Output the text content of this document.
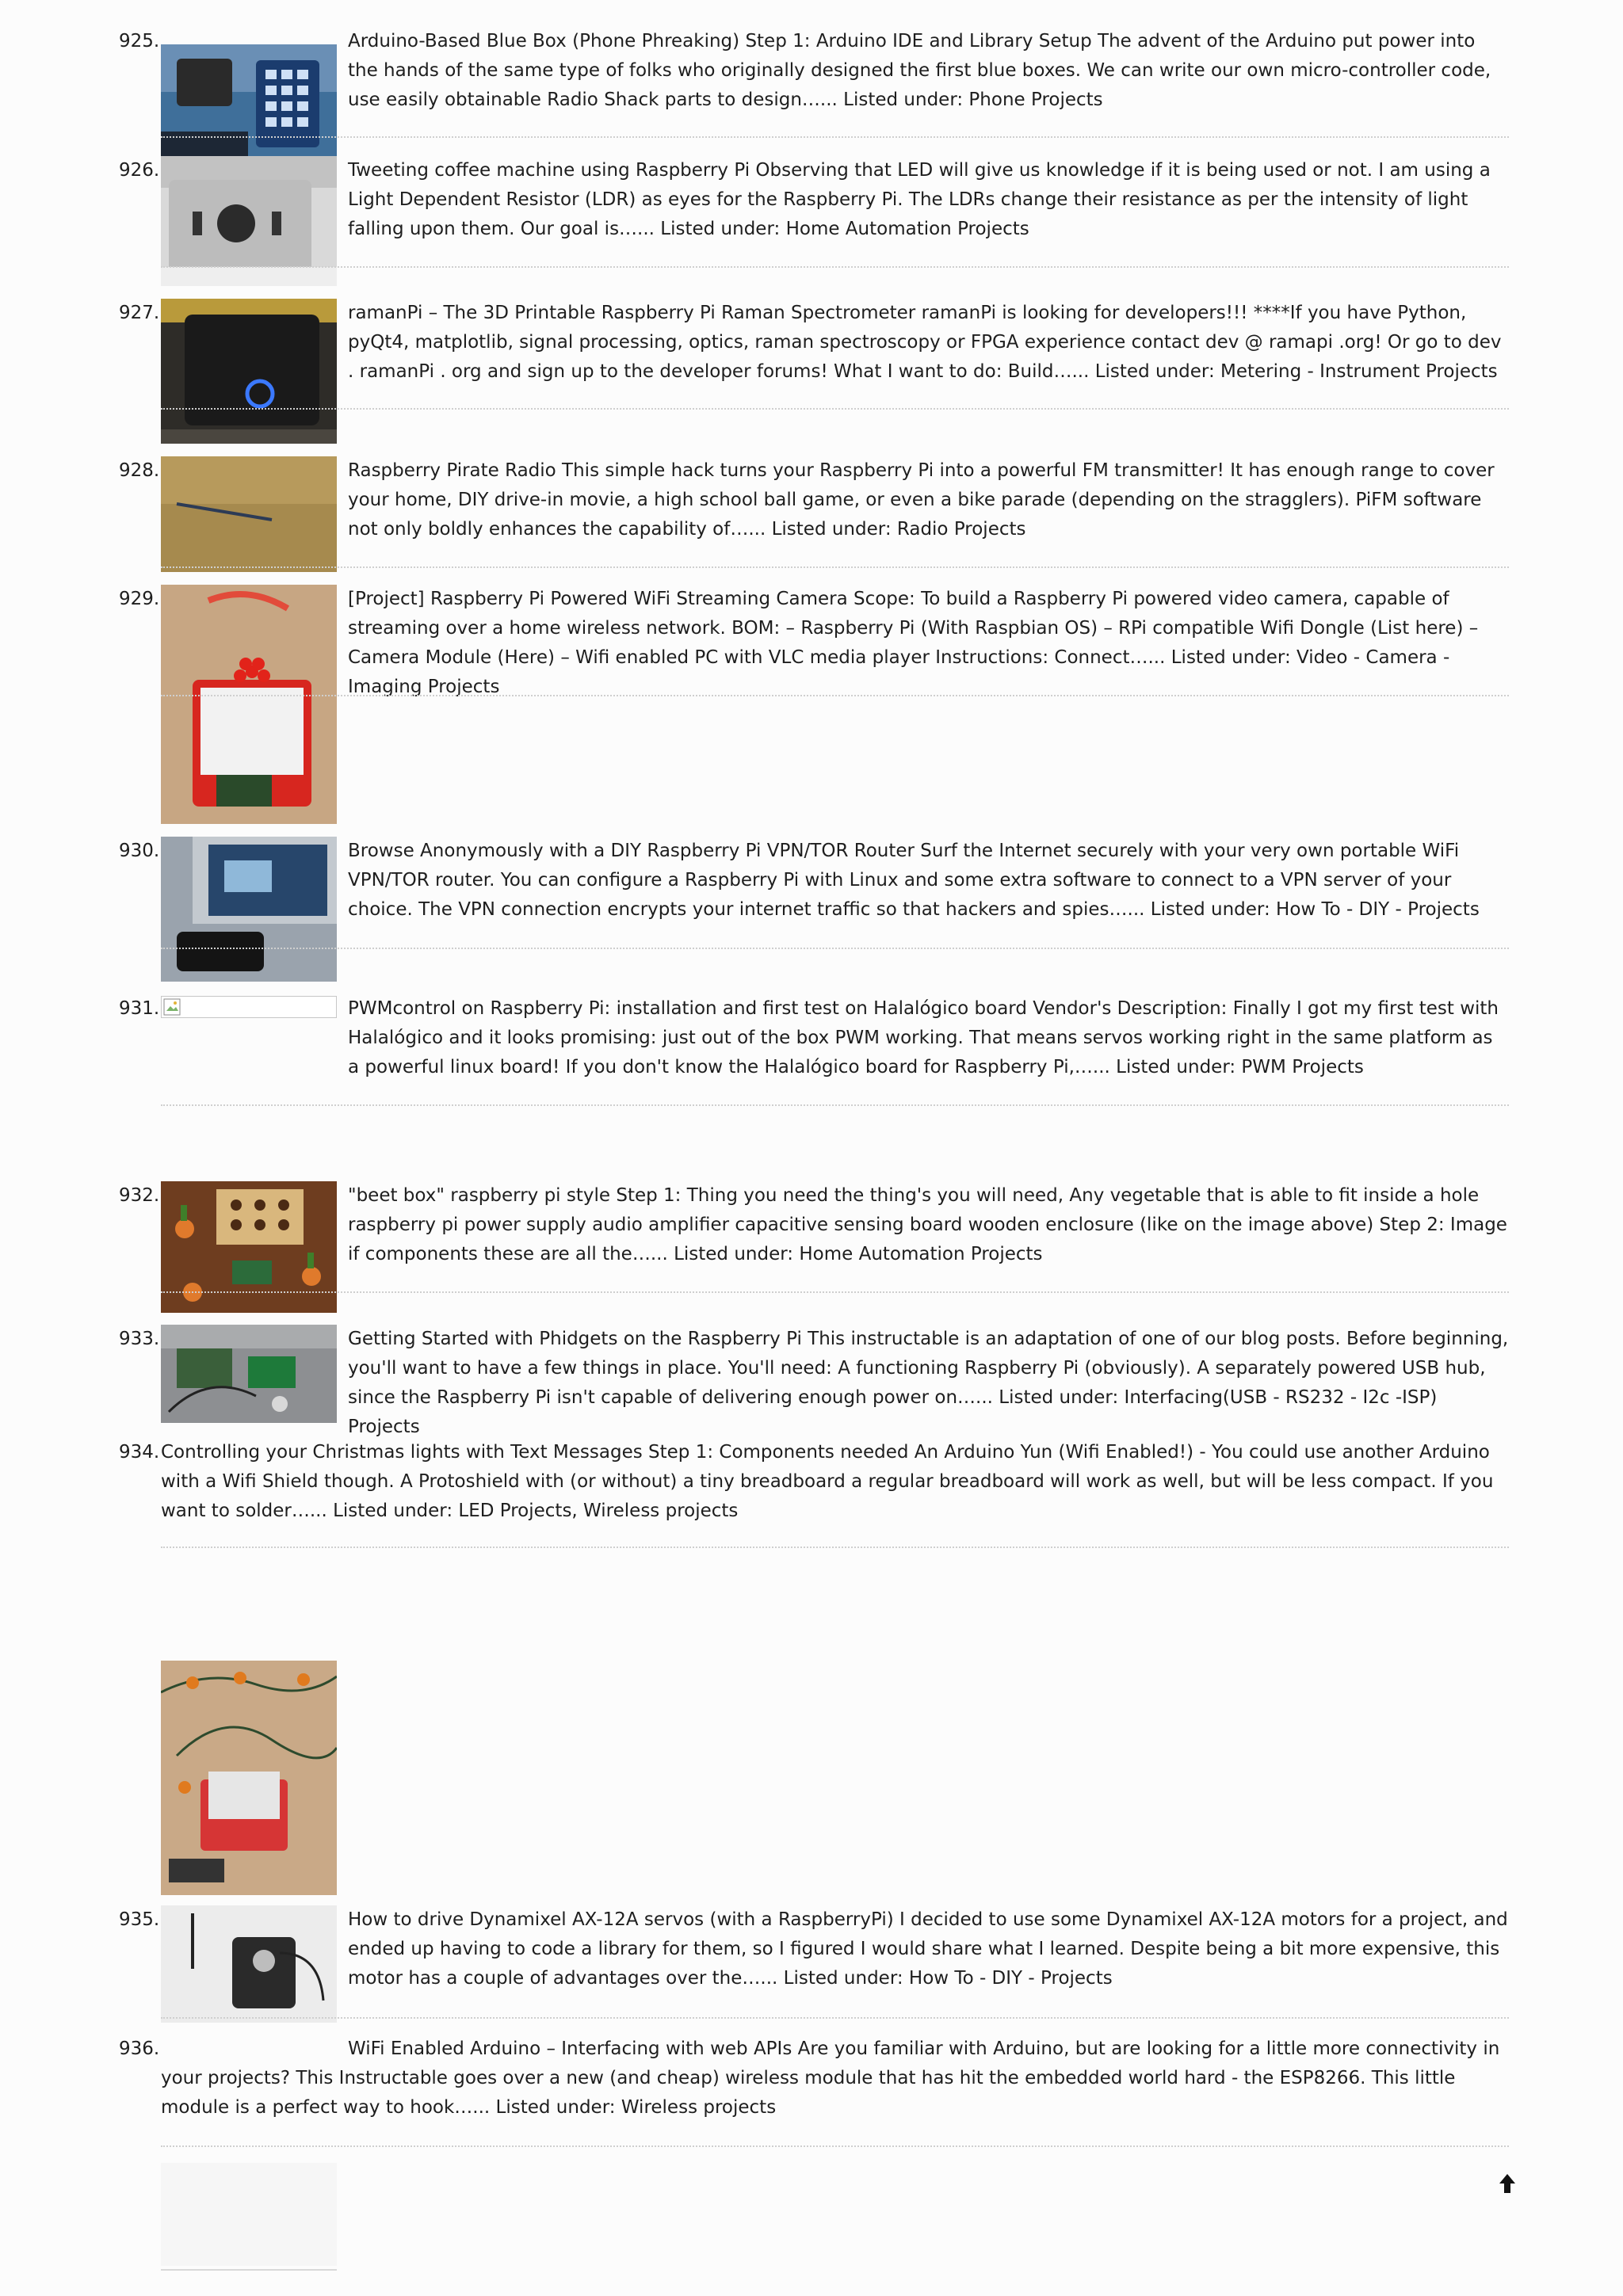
925.	Arduino-Based Blue Box (Phone Phreaking) Step 1: Arduino IDE and Library Setup The advent of the Arduino put power into the hands of the same type of folks who originally designed the first blue boxes. We can write our own micro-controller code, use easily obtainable Radio Shack parts to design…... Listed under: Phone Projects

926.	Tweeting coffee machine using Raspberry Pi Observing that LED will give us knowledge if it is being used or not. I am using a Light Dependent Resistor (LDR) as eyes for the Raspberry Pi. The LDRs change their resistance as per the intensity of light falling upon them. Our goal is…... Listed under: Home Automation Projects

927.	ramanPi – The 3D Printable Raspberry Pi Raman Spectrometer ramanPi is looking for developers!!! ****If you have Python, pyQt4, matplotlib, signal processing, optics, raman spectroscopy or FPGA experience contact dev @ ramapi .org! Or go to dev . ramanPi . org and sign up to the developer forums! What I want to do: Build…... Listed under: Metering - Instrument Projects

928.	Raspberry Pirate Radio This simple hack turns your Raspberry Pi into a powerful FM transmitter! It has enough range to cover your home, DIY drive-in movie, a high school ball game, or even a bike parade (depending on the stragglers). PiFM software not only boldly enhances the capability of…... Listed under: Radio Projects

929.	[Project] Raspberry Pi Powered WiFi Streaming Camera Scope: To build a Raspberry Pi powered video camera, capable of streaming over a home wireless network. BOM: – Raspberry Pi (With Raspbian OS) – RPi compatible Wifi Dongle (List here) – Camera Module (Here) – Wifi enabled PC with VLC media player Instructions: Connect…... Listed under: Video - Camera - Imaging Projects

930.	Browse Anonymously with a DIY Raspberry Pi VPN/TOR Router Surf the Internet securely with your very own portable WiFi VPN/TOR router. You can configure a Raspberry Pi with Linux and some extra software to connect to a VPN server of your choice. The VPN connection encrypts your internet traffic so that hackers and spies…... Listed under: How To - DIY - Projects

931.	PWMcontrol on Raspberry Pi: installation and first test on Halalógico board Vendor's Description: Finally I got my first test with Halalógico and it looks promising: just out of the box PWM working. That means servos working right in the same platform as a powerful linux board! If you don't know the Halalógico board for Raspberry Pi,…... Listed under: PWM Projects

932.	"beet box" raspberry pi style Step 1: Thing you need the thing's you will need, Any vegetable that is able to fit inside a hole raspberry pi power supply audio amplifier capacitive sensing board wooden enclosure (like on the image above) Step 2: Image if components these are all the…... Listed under: Home Automation Projects

933.	Getting Started with Phidgets on the Raspberry Pi This instructable is an adaptation of one of our blog posts. Before beginning, you'll want to have a few things in place. You'll need: A functioning Raspberry Pi (obviously). A separately powered USB hub, since the Raspberry Pi isn't capable of delivering enough power on…... Listed under: Interfacing(USB - RS232 - I2c -ISP) Projects

934. Controlling your Christmas lights with Text Messages Step 1: Components needed An Arduino Yun (Wifi Enabled!) - You could use another Arduino with a Wifi Shield though. A Protoshield with (or without) a tiny breadboard a regular breadboard will work as well, but will be less compact. If you want to solder…... Listed under: LED Projects, Wireless projects

935.	How to drive Dynamixel AX-12A servos (with a RaspberryPi) I decided to use some Dynamixel AX-12A motors for a project, and ended up having to code a library for them, so I figured I would share what I learned. Despite being a bit more expensive, this motor has a couple of advantages over the…... Listed under: How To - DIY - Projects

936.	WiFi Enabled Arduino – Interfacing with web APIs Are you familiar with Arduino, but are looking for a little more connectivity in your projects? This Instructable goes over a new (and cheap) wireless module that has hit the embedded world hard - the ESP8266. This little module is a perfect way to hook…... Listed under: Wireless projects
